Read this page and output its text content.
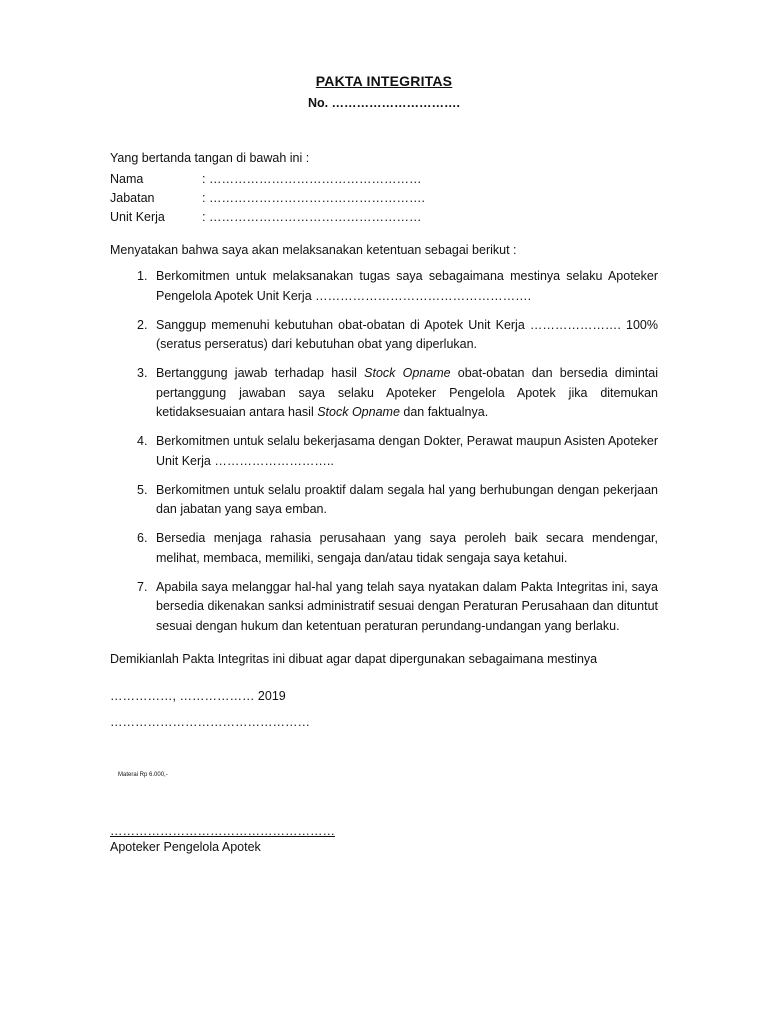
PAKTA INTEGRITAS
No. ………………………….
Yang bertanda tangan di bawah ini :
Nama	: ……………………………………………
Jabatan	: …………………………………………….
Unit Kerja	: ……………………………………………
Menyatakan bahwa saya akan melaksanakan ketentuan sebagai berikut :
1. Berkomitmen untuk melaksanakan tugas saya sebagaimana mestinya selaku Apoteker Pengelola Apotek Unit Kerja …………………………………………….
2. Sanggup memenuhi kebutuhan obat-obatan di Apotek Unit Kerja …………………. 100% (seratus perseratus) dari kebutuhan obat yang diperlukan.
3. Bertanggung jawab terhadap hasil Stock Opname obat-obatan dan bersedia dimintai pertanggung jawaban saya selaku Apoteker Pengelola Apotek jika ditemukan ketidaksesuaian antara hasil Stock Opname dan faktualnya.
4. Berkomitmen untuk selalu bekerjasama dengan Dokter, Perawat maupun Asisten Apoteker Unit Kerja ………………………..
5. Berkomitmen untuk selalu proaktif dalam segala hal yang berhubungan dengan pekerjaan dan jabatan yang saya emban.
6. Bersedia menjaga rahasia perusahaan yang saya peroleh baik secara mendengar, melihat, membaca, memiliki, sengaja dan/atau tidak sengaja saya ketahui.
7. Apabila saya melanggar hal-hal yang telah saya nyatakan dalam Pakta Integritas ini, saya bersedia dikenakan sanksi administratif sesuai dengan Peraturan Perusahaan dan dituntut sesuai dengan hukum dan ketentuan peraturan perundang-undangan yang berlaku.
Demikianlah Pakta Integritas ini dibuat agar dapat dipergunakan sebagaimana mestinya
……………, ……………… 2019
…………………………………………
Materai Rp 6.000,-
………………………………………………
Apoteker Pengelola Apotek
